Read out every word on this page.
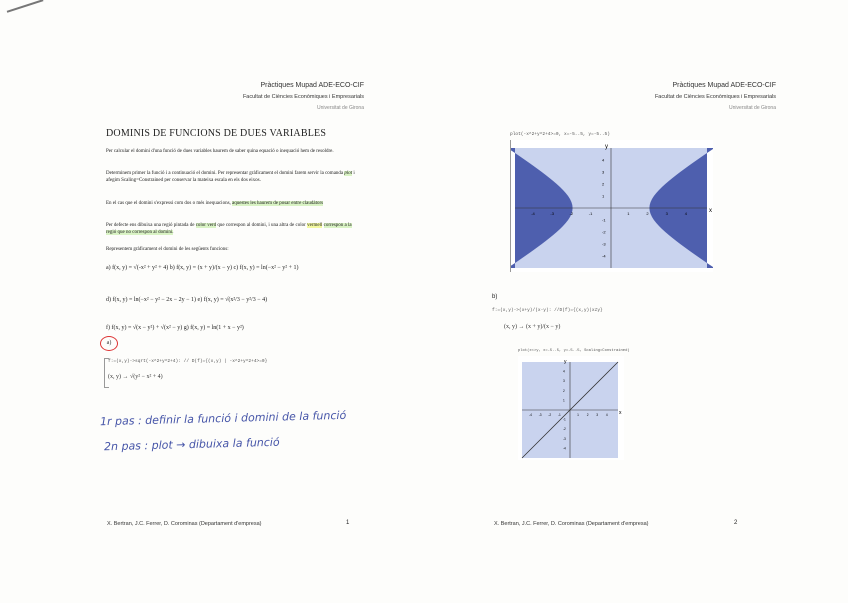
Pràctiques Mupad ADE-ECO-CIF
Facultat de Ciències Econòmiques i Empresarials
Universitat de Girona
DOMINIS DE FUNCIONS DE DUES VARIABLES
Per calcular el domini d'una funció de dues variables haurem de saber quina equació o inequació hem de resoldre.
Determinem primer la funció i a continuació el domini. Per representar gràficament el domini farem servir la comanda plot i afegim Scaling=Constrained per conservar la mateixa escala en els dos eixos.
En el cas que el domini s'expressi com dos o més inequacions, aquestes les haurem de posar entre claudàtors
Per defecte ens dibuixa una regió pintada de color verd que correspon al domini, i una altra de color vermell correspon a la regió que no correspon al domini.
Representem gràficament el domini de les següents funcions:
a) f(x, y) = √(-x² + y² + 4) b) f(x, y) = (x + y)/(x − y) c) f(x, y) = ln(−x² − y² + 1)
d) f(x, y) = ln(−x² − y² − 2x − 2y − 1) e) f(x, y) = √(x²/3 − y²/3 − 4)
f) f(x, y) = √(x − y²) + √(x² − y) g) f(x, y) = ln(1 + x − y²)
a)
f:=(x,y)->sqrt(-x^2+y^2+4): // D(f)={(x,y) | -x^2+y^2+4>=0}
(x, y) → √(y² − x² + 4)
1r pas : definir la funció i domini de la funció
2n pas : plot → dibuixa la funció
X. Bertran, J.C. Ferrer, D. Corominas (Departament d'empresa)	1
Pràctiques Mupad ADE-ECO-CIF
Facultat de Ciències Econòmiques i Empresarials
Universitat de Girona
plot(-x^2+y^2+4>=0, x=-5..5, y=-5..5)
-4
-4
-3
-3
-2
-2
-1
-1
1
1
2
2
3
3
4
4
x
y
b)
f:=(x,y)->(x+y)/(x-y): //D(f)={(x,y)|x≠y}
(x, y) → (x + y)/(x − y)
plot(x<>y, x=-5..5, y=-5..5, Scaling=Constrained)
-4
-4
-3
-3
-2
-2
-1
-1
1
1
2
2
3
3
4
4
x
y
X. Bertran, J.C. Ferrer, D. Corominas (Departament d'empresa)	2
